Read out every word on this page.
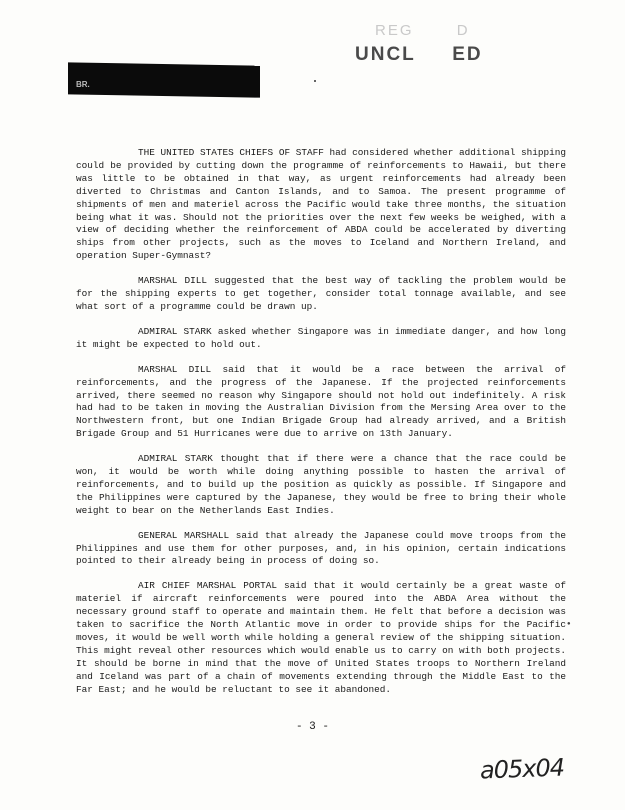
REG	D
UNCL ED
BR.

THE UNITED STATES CHIEFS OF STAFF had considered whether additional shipping could be provided by cutting down the programme of reinforcements to Hawaii, but there was little to be obtained in that way, as urgent reinforcements had already been diverted to Christmas and Canton Islands, and to Samoa. The present programme of shipments of men and materiel across the Pacific would take three months, the situation being what it was. Should not the priorities over the next few weeks be weighed, with a view of deciding whether the reinforcement of ABDA could be accelerated by diverting ships from other projects, such as the moves to Iceland and Northern Ireland, and operation Super-Gymnast?

MARSHAL DILL suggested that the best way of tackling the problem would be for the shipping experts to get together, consider total tonnage available, and see what sort of a programme could be drawn up.

ADMIRAL STARK asked whether Singapore was in immediate danger, and how long it might be expected to hold out.

MARSHAL DILL said that it would be a race between the arrival of reinforcements, and the progress of the Japanese. If the projected reinforcements arrived, there seemed no reason why Singapore should not hold out indefinitely. A risk had had to be taken in moving the Australian Division from the Mersing Area over to the Northwestern front, but one Indian Brigade Group had already arrived, and a British Brigade Group and 51 Hurricanes were due to arrive on 13th January.

ADMIRAL STARK thought that if there were a chance that the race could be won, it would be worth while doing anything possible to hasten the arrival of reinforcements, and to build up the position as quickly as possible. If Singapore and the Philippines were captured by the Japanese, they would be free to bring their whole weight to bear on the Netherlands East Indies.

GENERAL MARSHALL said that already the Japanese could move troops from the Philippines and use them for other purposes, and, in his opinion, certain indications pointed to their already being in process of doing so.

AIR CHIEF MARSHAL PORTAL said that it would certainly be a great waste of materiel if aircraft reinforcements were poured into the ABDA Area without the necessary ground staff to operate and maintain them. He felt that before a decision was taken to sacrifice the North Atlantic move in order to provide ships for the Pacific moves, it would be well worth while holding a general review of the shipping situation. This might reveal other resources which would enable us to carry on with both projects. It should be borne in mind that the move of United States troops to Northern Ireland and Iceland was part of a chain of movements extending through the Middle East to the Far East; and he would be reluctant to see it abandoned.

●
- 3 -
a05x04
